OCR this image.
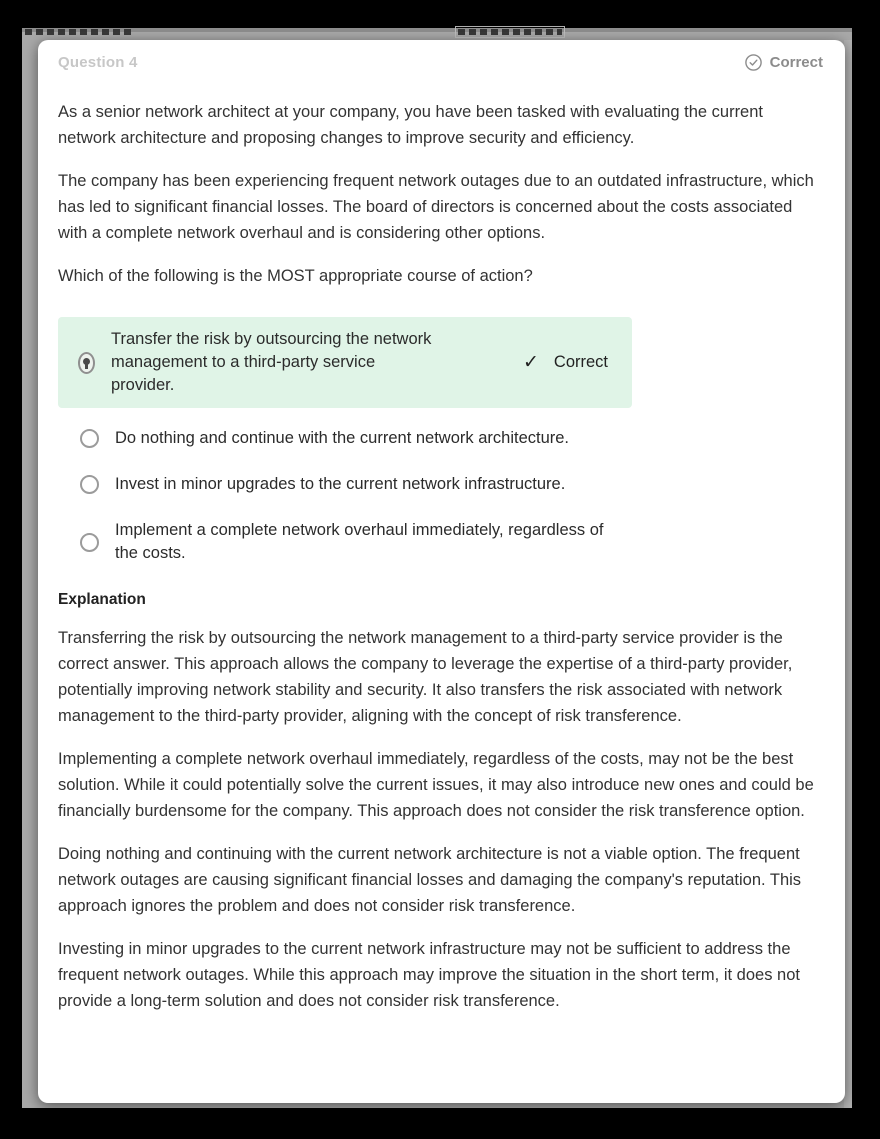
Question 4	Correct

As a senior network architect at your company, you have been tasked with evaluating the current network architecture and proposing changes to improve security and efficiency.

The company has been experiencing frequent network outages due to an outdated infrastructure, which has led to significant financial losses. The board of directors is concerned about the costs associated with a complete network overhaul and is considering other options.

Which of the following is the MOST appropriate course of action?

Transfer the risk by outsourcing the network management to a third-party service provider.
✓ Correct
Do nothing and continue with the current network architecture.
Invest in minor upgrades to the current network infrastructure.
Implement a complete network overhaul immediately, regardless of the costs.
Explanation

Transferring the risk by outsourcing the network management to a third-party service provider is the correct answer. This approach allows the company to leverage the expertise of a third-party provider, potentially improving network stability and security. It also transfers the risk associated with network management to the third-party provider, aligning with the concept of risk transference.

Implementing a complete network overhaul immediately, regardless of the costs, may not be the best solution. While it could potentially solve the current issues, it may also introduce new ones and could be financially burdensome for the company. This approach does not consider the risk transference option.

Doing nothing and continuing with the current network architecture is not a viable option. The frequent network outages are causing significant financial losses and damaging the company's reputation. This approach ignores the problem and does not consider risk transference.

Investing in minor upgrades to the current network infrastructure may not be sufficient to address the frequent network outages. While this approach may improve the situation in the short term, it does not provide a long-term solution and does not consider risk transference.
